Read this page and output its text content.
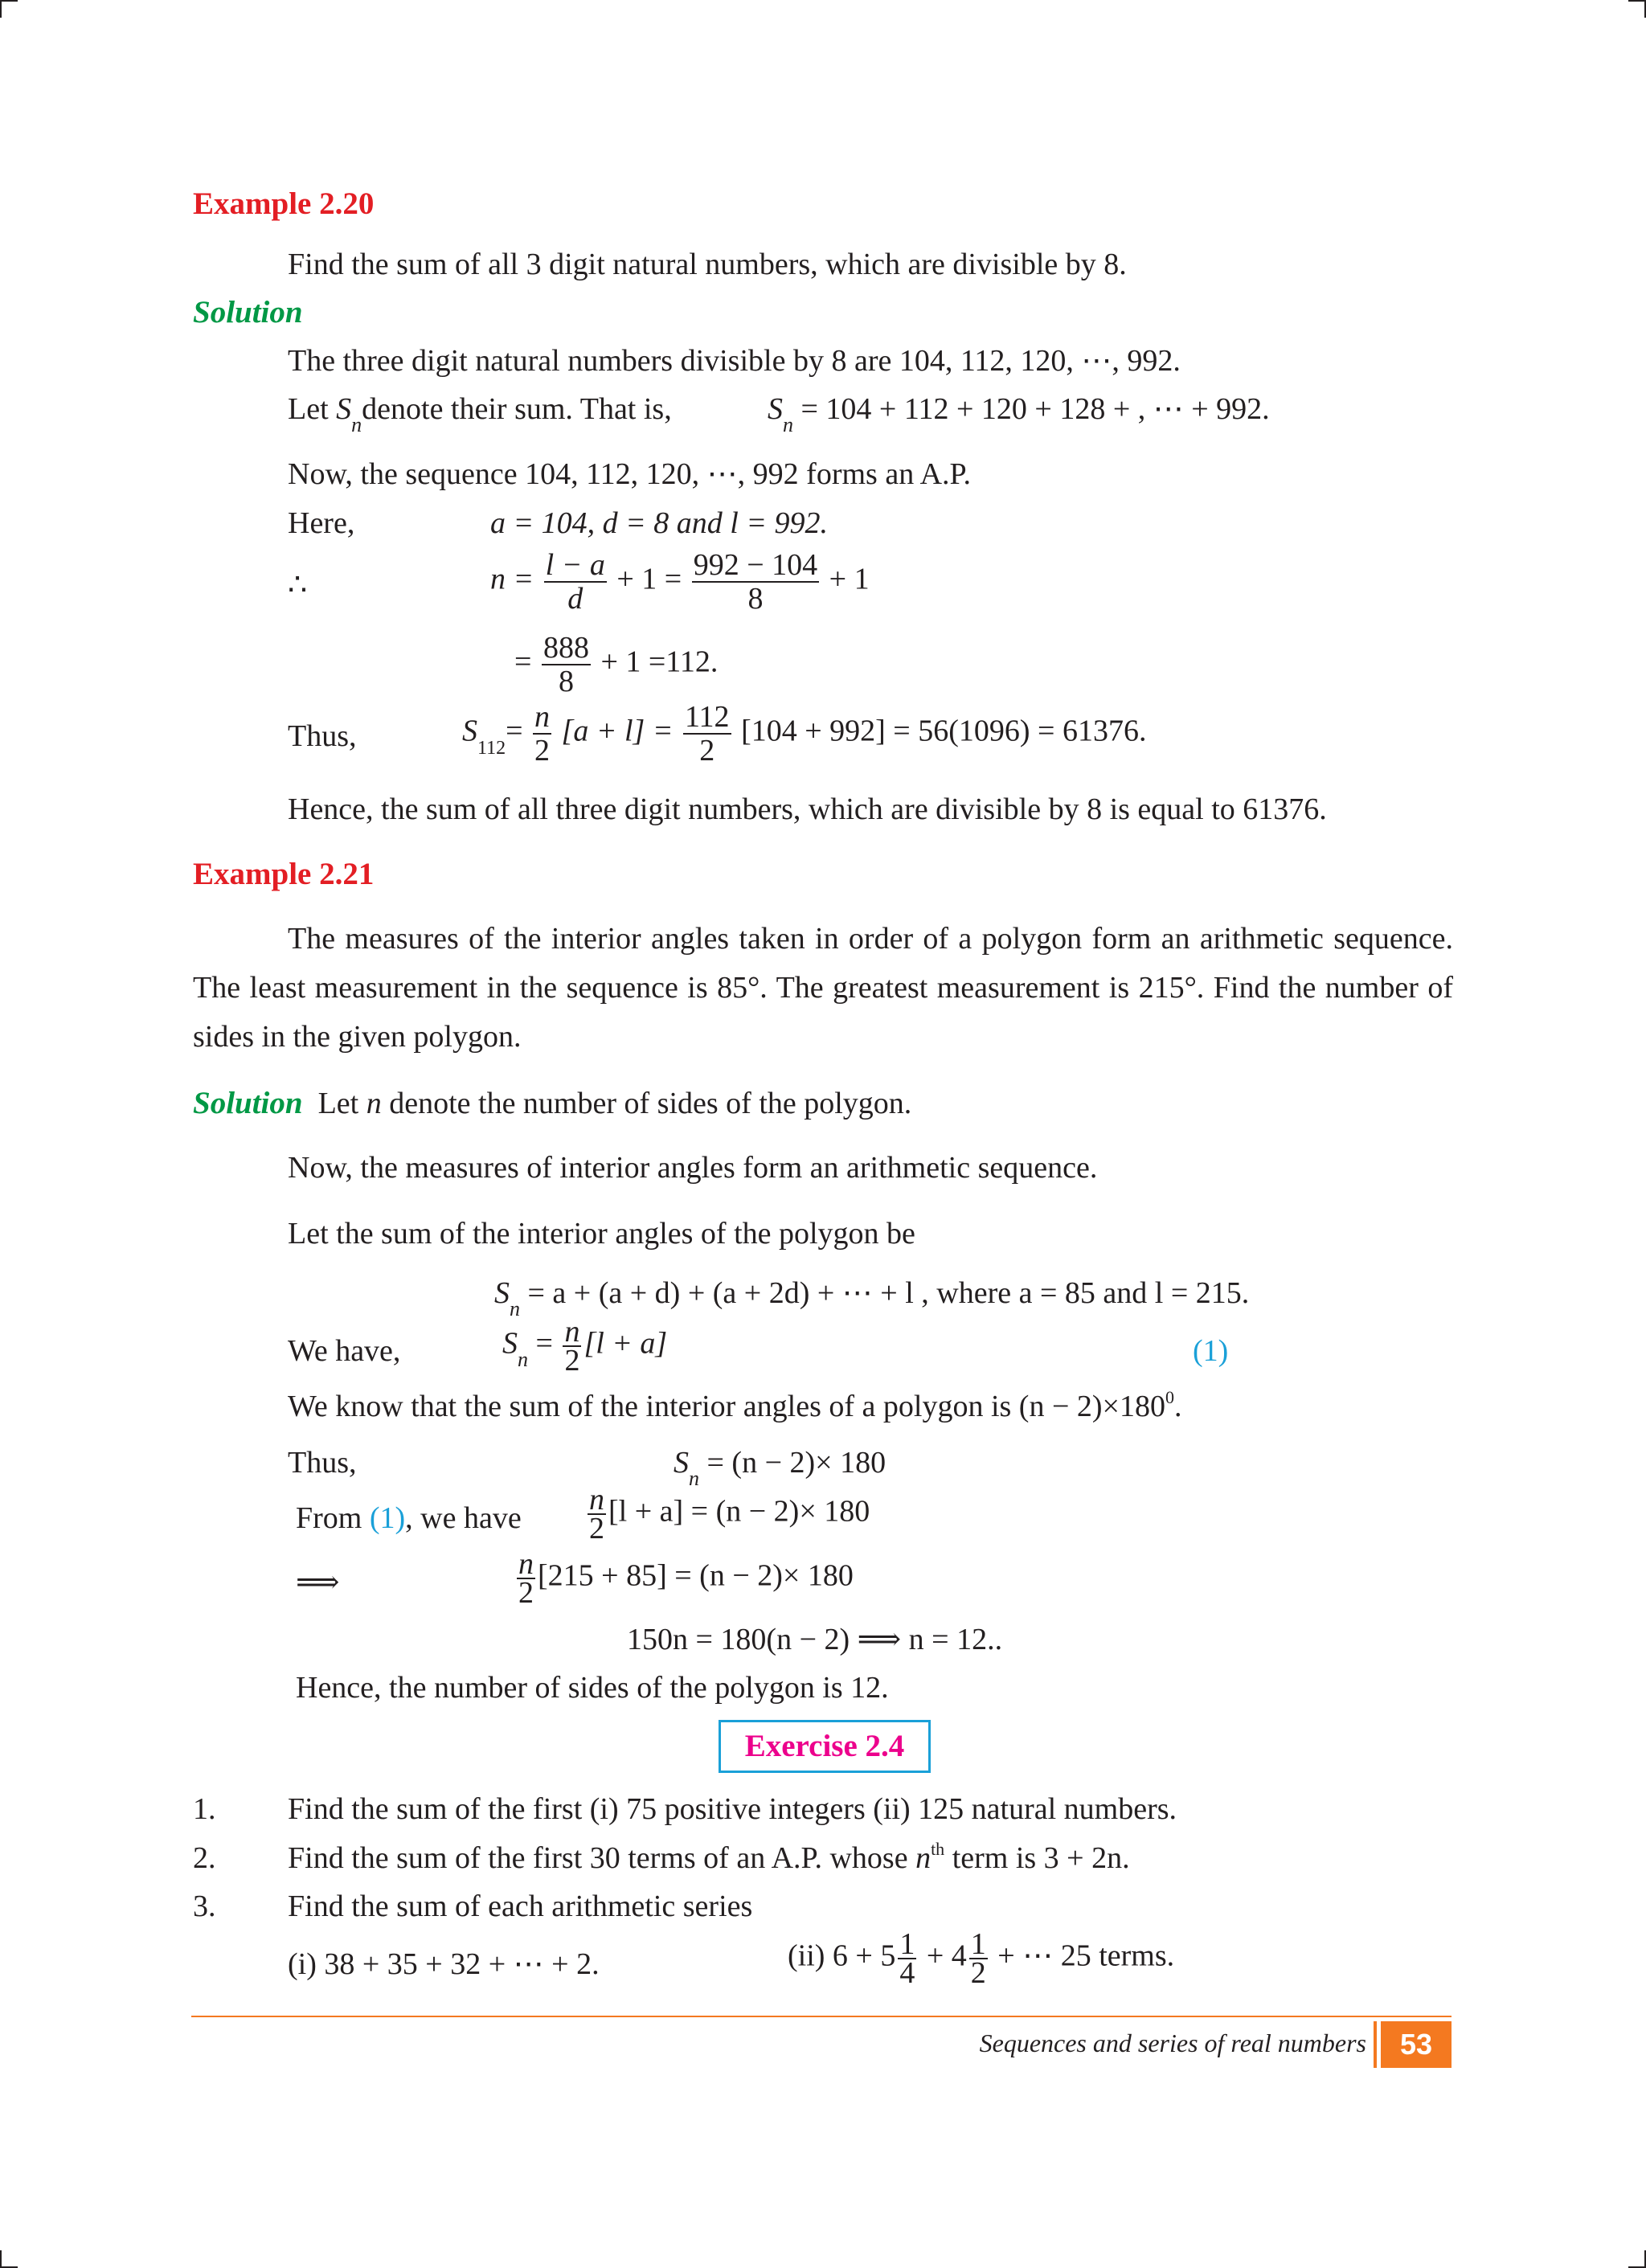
Example 2.20
Find the sum of all 3 digit natural numbers, which are divisible by 8.
Solution
The three digit natural numbers divisible by 8 are 104, 112, 120, ⋯, 992.
Let $S_ndenote$ their sum. That is,	$S_n = 104 + 112 + 120 + 128$ + , ⋯ + 992.
Now, the sequence 104, 112, 120, ⋯, 992 forms an A.P.
Here,	a = 104, d = 8 and l = 992.
∴	$n = \frac{l - a}{d} + 1 = \frac{992 - 104}{8} + 1$
= $\frac{888}{8} + 1 =112$.
Thus,	$S_{112}= \frac{n}{2} [a + l] = \frac{112}{2} [104 + 992] = 56(1096) = 61376$.
Hence, the sum of all three digit numbers, which are divisible by 8 is equal to 61376.
Example 2.21
The measures of the interior angles taken in order of a polygon form an arithmetic sequence. The least measurement in the sequence is 85°. The greatest measurement is 215°. Find the number of sides in the given polygon.
Solution Let n denote the number of sides of the polygon.
Now, the measures of interior angles form an arithmetic sequence.
Let the sum of the interior angles of the polygon be
$S_n = a + (a + d) + (a + 2d)$ + ⋯ + l , where a = 85 and l = 215.
We have,	$S_n = \frac{n}{2} [l + a]$	(1)
We know that the sum of the interior angles of a polygon is $(n - 2)\times 180^0$.
Thus,	$S_n = (n - 2)\times 180$
From (1), we have $\frac{n}{2} [l + a] = (n - 2)\times 180$
⟹	$\frac{n}{2} [215 + 85] = (n - 2)\times 180$
150n = 180(n − 2) ⟹ n = 12..
Hence, the number of sides of the polygon is 12.
Exercise 2.4
1. Find the sum of the first (i) 75 positive integers (ii) 125 natural numbers.
2. Find the sum of the first 30 terms of an A.P. whose $n^{th}$ term is 3 + 2n.
3. Find the sum of each arithmetic series
(i) 38 + 35 + 32 + ⋯ + 2.	(ii) $6 + 5 \frac{1}{4} + 4 \frac{1}{2}$ + ⋯ 25 terms.
Sequences and series of real numbers	53
